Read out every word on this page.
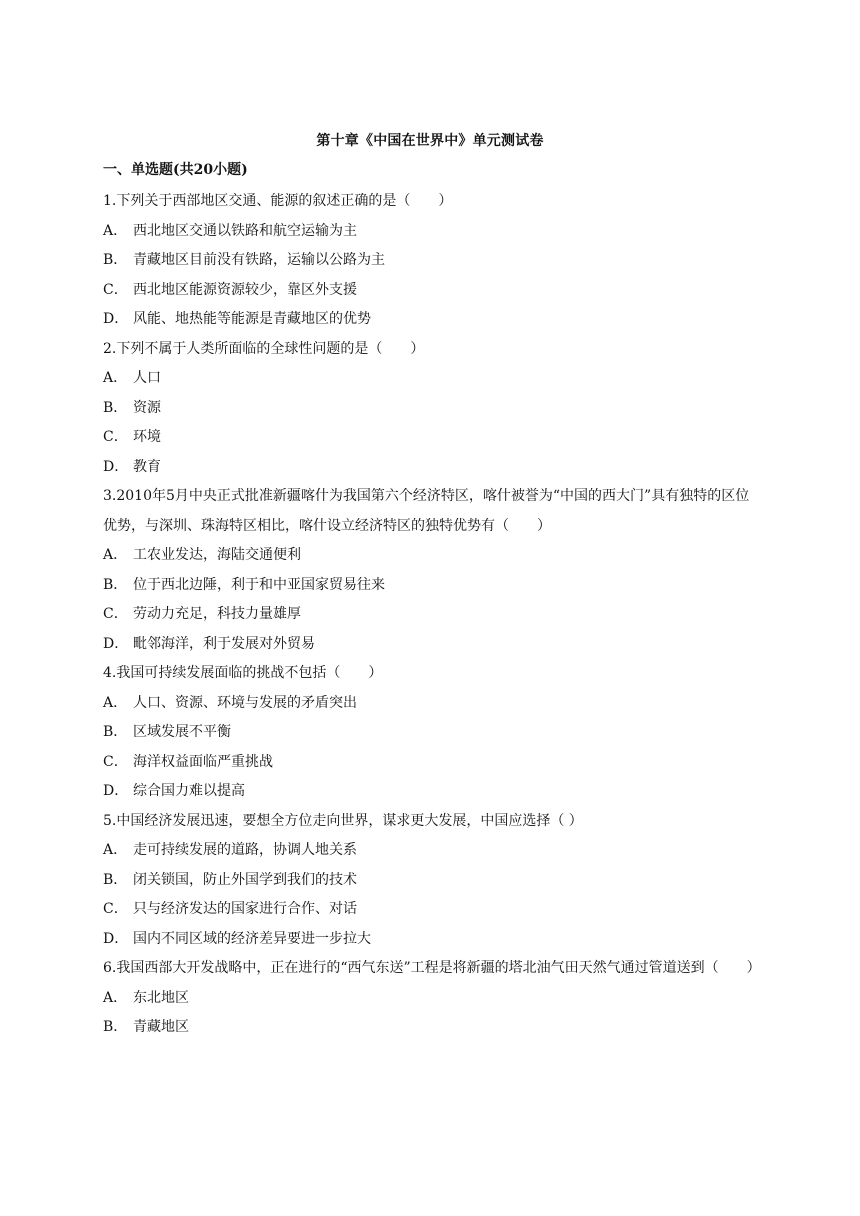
第十章《中国在世界中》单元测试卷
一、单选题(共20小题)

1.下列关于西部地区交通、能源的叙述正确的是（　　）

A． 西北地区交通以铁路和航空运输为主

B． 青藏地区目前没有铁路，运输以公路为主

C． 西北地区能源资源较少，靠区外支援

D． 风能、地热能等能源是青藏地区的优势

2.下列不属于人类所面临的全球性问题的是（　　）

A． 人口

B． 资源

C． 环境

D． 教育

3.2010年5月中央正式批准新疆喀什为我国第六个经济特区，喀什被誉为“中国的西大门”具有独特的区位优势，与深圳、珠海特区相比，喀什设立经济特区的独特优势有（　　）

A． 工农业发达，海陆交通便利

B． 位于西北边陲，利于和中亚国家贸易往来

C． 劳动力充足，科技力量雄厚

D． 毗邻海洋，利于发展对外贸易

4.我国可持续发展面临的挑战不包括（　　）

A． 人口、资源、环境与发展的矛盾突出

B． 区域发展不平衡

C． 海洋权益面临严重挑战

D． 综合国力难以提高

5.中国经济发展迅速，要想全方位走向世界，谋求更大发展，中国应选择（ ）

A． 走可持续发展的道路，协调人地关系

B． 闭关锁国，防止外国学到我们的技术

C． 只与经济发达的国家进行合作、对话

D． 国内不同区域的经济差异要进一步拉大

6.我国西部大开发战略中，正在进行的“西气东送”工程是将新疆的塔北油气田天然气通过管道送到（　　）

A． 东北地区

B． 青藏地区
